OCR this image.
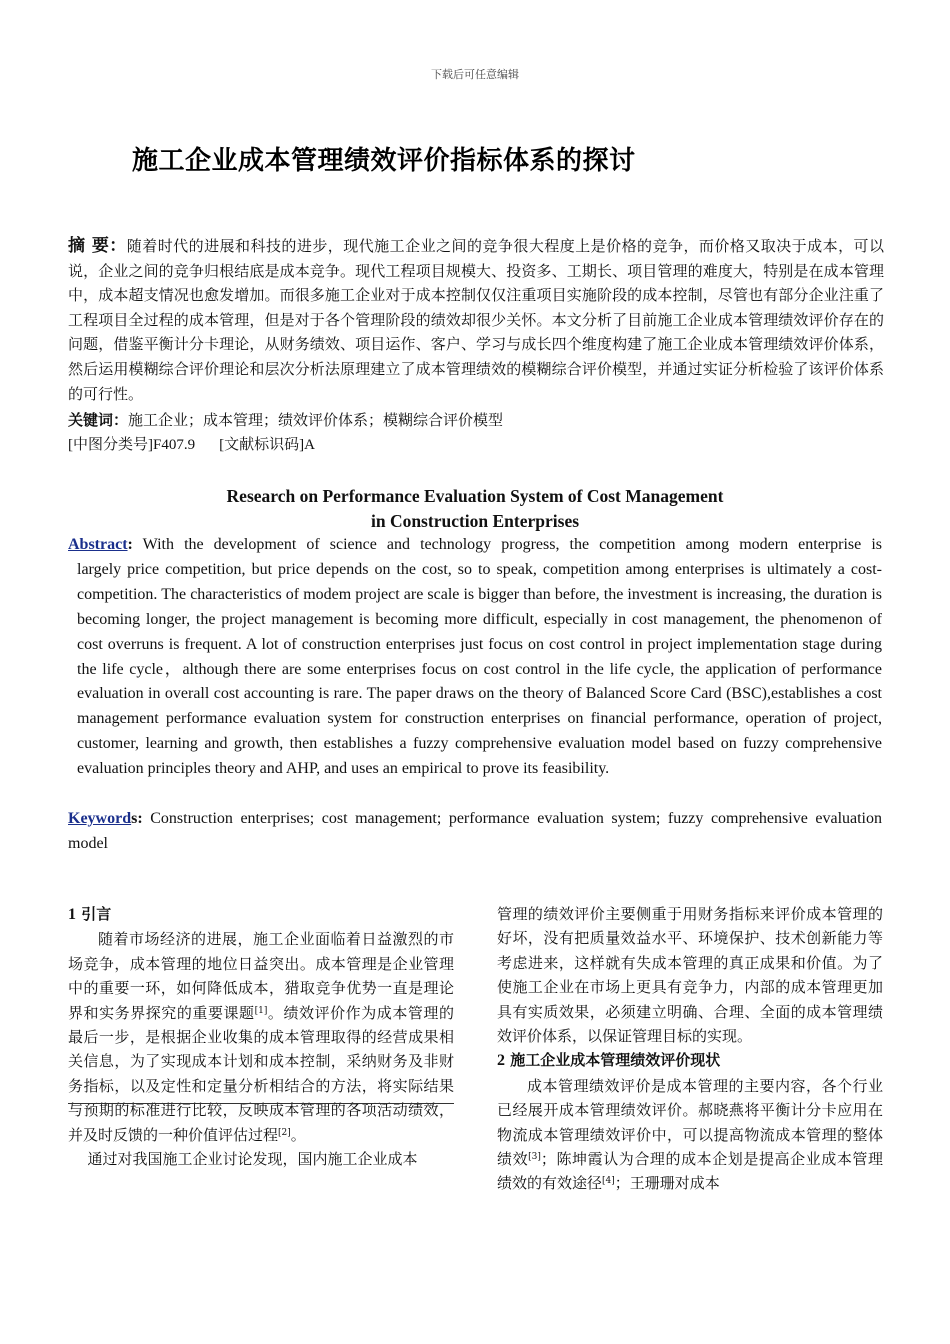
下载后可任意编辑
施工企业成本管理绩效评价指标体系的探讨
摘 要：随着时代的进展和科技的进步，现代施工企业之间的竞争很大程度上是价格的竞争，而价格又取决于成本，可以说，企业之间的竞争归根结底是成本竞争。现代工程项目规模大、投资多、工期长、项目管理的难度大，特别是在成本管理中，成本超支情况也愈发增加。而很多施工企业对于成本控制仅仅注重项目实施阶段的成本控制，尽管也有部分企业注重了工程项目全过程的成本管理，但是对于各个管理阶段的绩效却很少关怀。本文分析了目前施工企业成本管理绩效评价存在的问题，借鉴平衡计分卡理论，从财务绩效、项目运作、客户、学习与成长四个维度构建了施工企业成本管理绩效评价体系，然后运用模糊综合评价理论和层次分析法原理建立了成本管理绩效的模糊综合评价模型，并通过实证分析检验了该评价体系的可行性。
关键词：施工企业；成本管理；绩效评价体系；模糊综合评价模型
[中图分类号]F407.9 [文献标识码]A
Research on Performance Evaluation System of Cost Management
in Construction Enterprises
Abstract: With the development of science and technology progress, the competition among modern enterprise is
largely price competition, but price depends on the cost, so to speak, competition among enterprises is ultimately a cost-competition. The characteristics of modem project are scale is bigger than before, the investment is increasing, the duration is becoming longer, the project management is becoming more difficult, especially in cost management, the phenomenon of cost overruns is frequent. A lot of construction enterprises just focus on cost control in project implementation stage during the life cycle，although there are some enterprises focus on cost control in the life cycle, the application of performance evaluation in overall cost accounting is rare. The paper draws on the theory of Balanced Score Card (BSC),establishes a cost management performance evaluation system for construction enterprises on financial performance, operation of project, customer, learning and growth, then establishes a fuzzy comprehensive evaluation model based on fuzzy comprehensive evaluation principles theory and AHP, and uses an empirical to prove its feasibility.
Keywords: Construction enterprises; cost management; performance evaluation system; fuzzy comprehensive evaluation model
1 引言
随着市场经济的进展，施工企业面临着日益激烈的市场竞争，成本管理的地位日益突出。成本管理是企业管理中的重要一环，如何降低成本，猎取竞争优势一直是理论界和实务界探究的重要课题[1]。绩效评价作为成本管理的最后一步，是根据企业收集的成本管理取得的经营成果相关信息，为了实现成本计划和成本控制，采纳财务及非财务指标，以及定性和定量分析相结合的方法，将实际结果与预期的标准进行比较，反映成本管理的各项活动绩效，并及时反馈的一种价值评估过程[2]。
通过对我国施工企业讨论发现，国内施工企业成本
管理的绩效评价主要侧重于用财务指标来评价成本管理的好坏，没有把质量效益水平、环境保护、技术创新能力等考虑进来，这样就有失成本管理的真正成果和价值。为了使施工企业在市场上更具有竞争力，内部的成本管理更加具有实质效果，必须建立明确、合理、全面的成本管理绩效评价体系，以保证管理目标的实现。
2 施工企业成本管理绩效评价现状
成本管理绩效评价是成本管理的主要内容，各个行业已经展开成本管理绩效评价。郝晓燕将平衡计分卡应用在物流成本管理绩效评价中，可以提高物流成本管理的整体绩效[3]；陈坤霞认为合理的成本企划是提高企业成本管理绩效的有效途径[4]；王珊珊对成本
